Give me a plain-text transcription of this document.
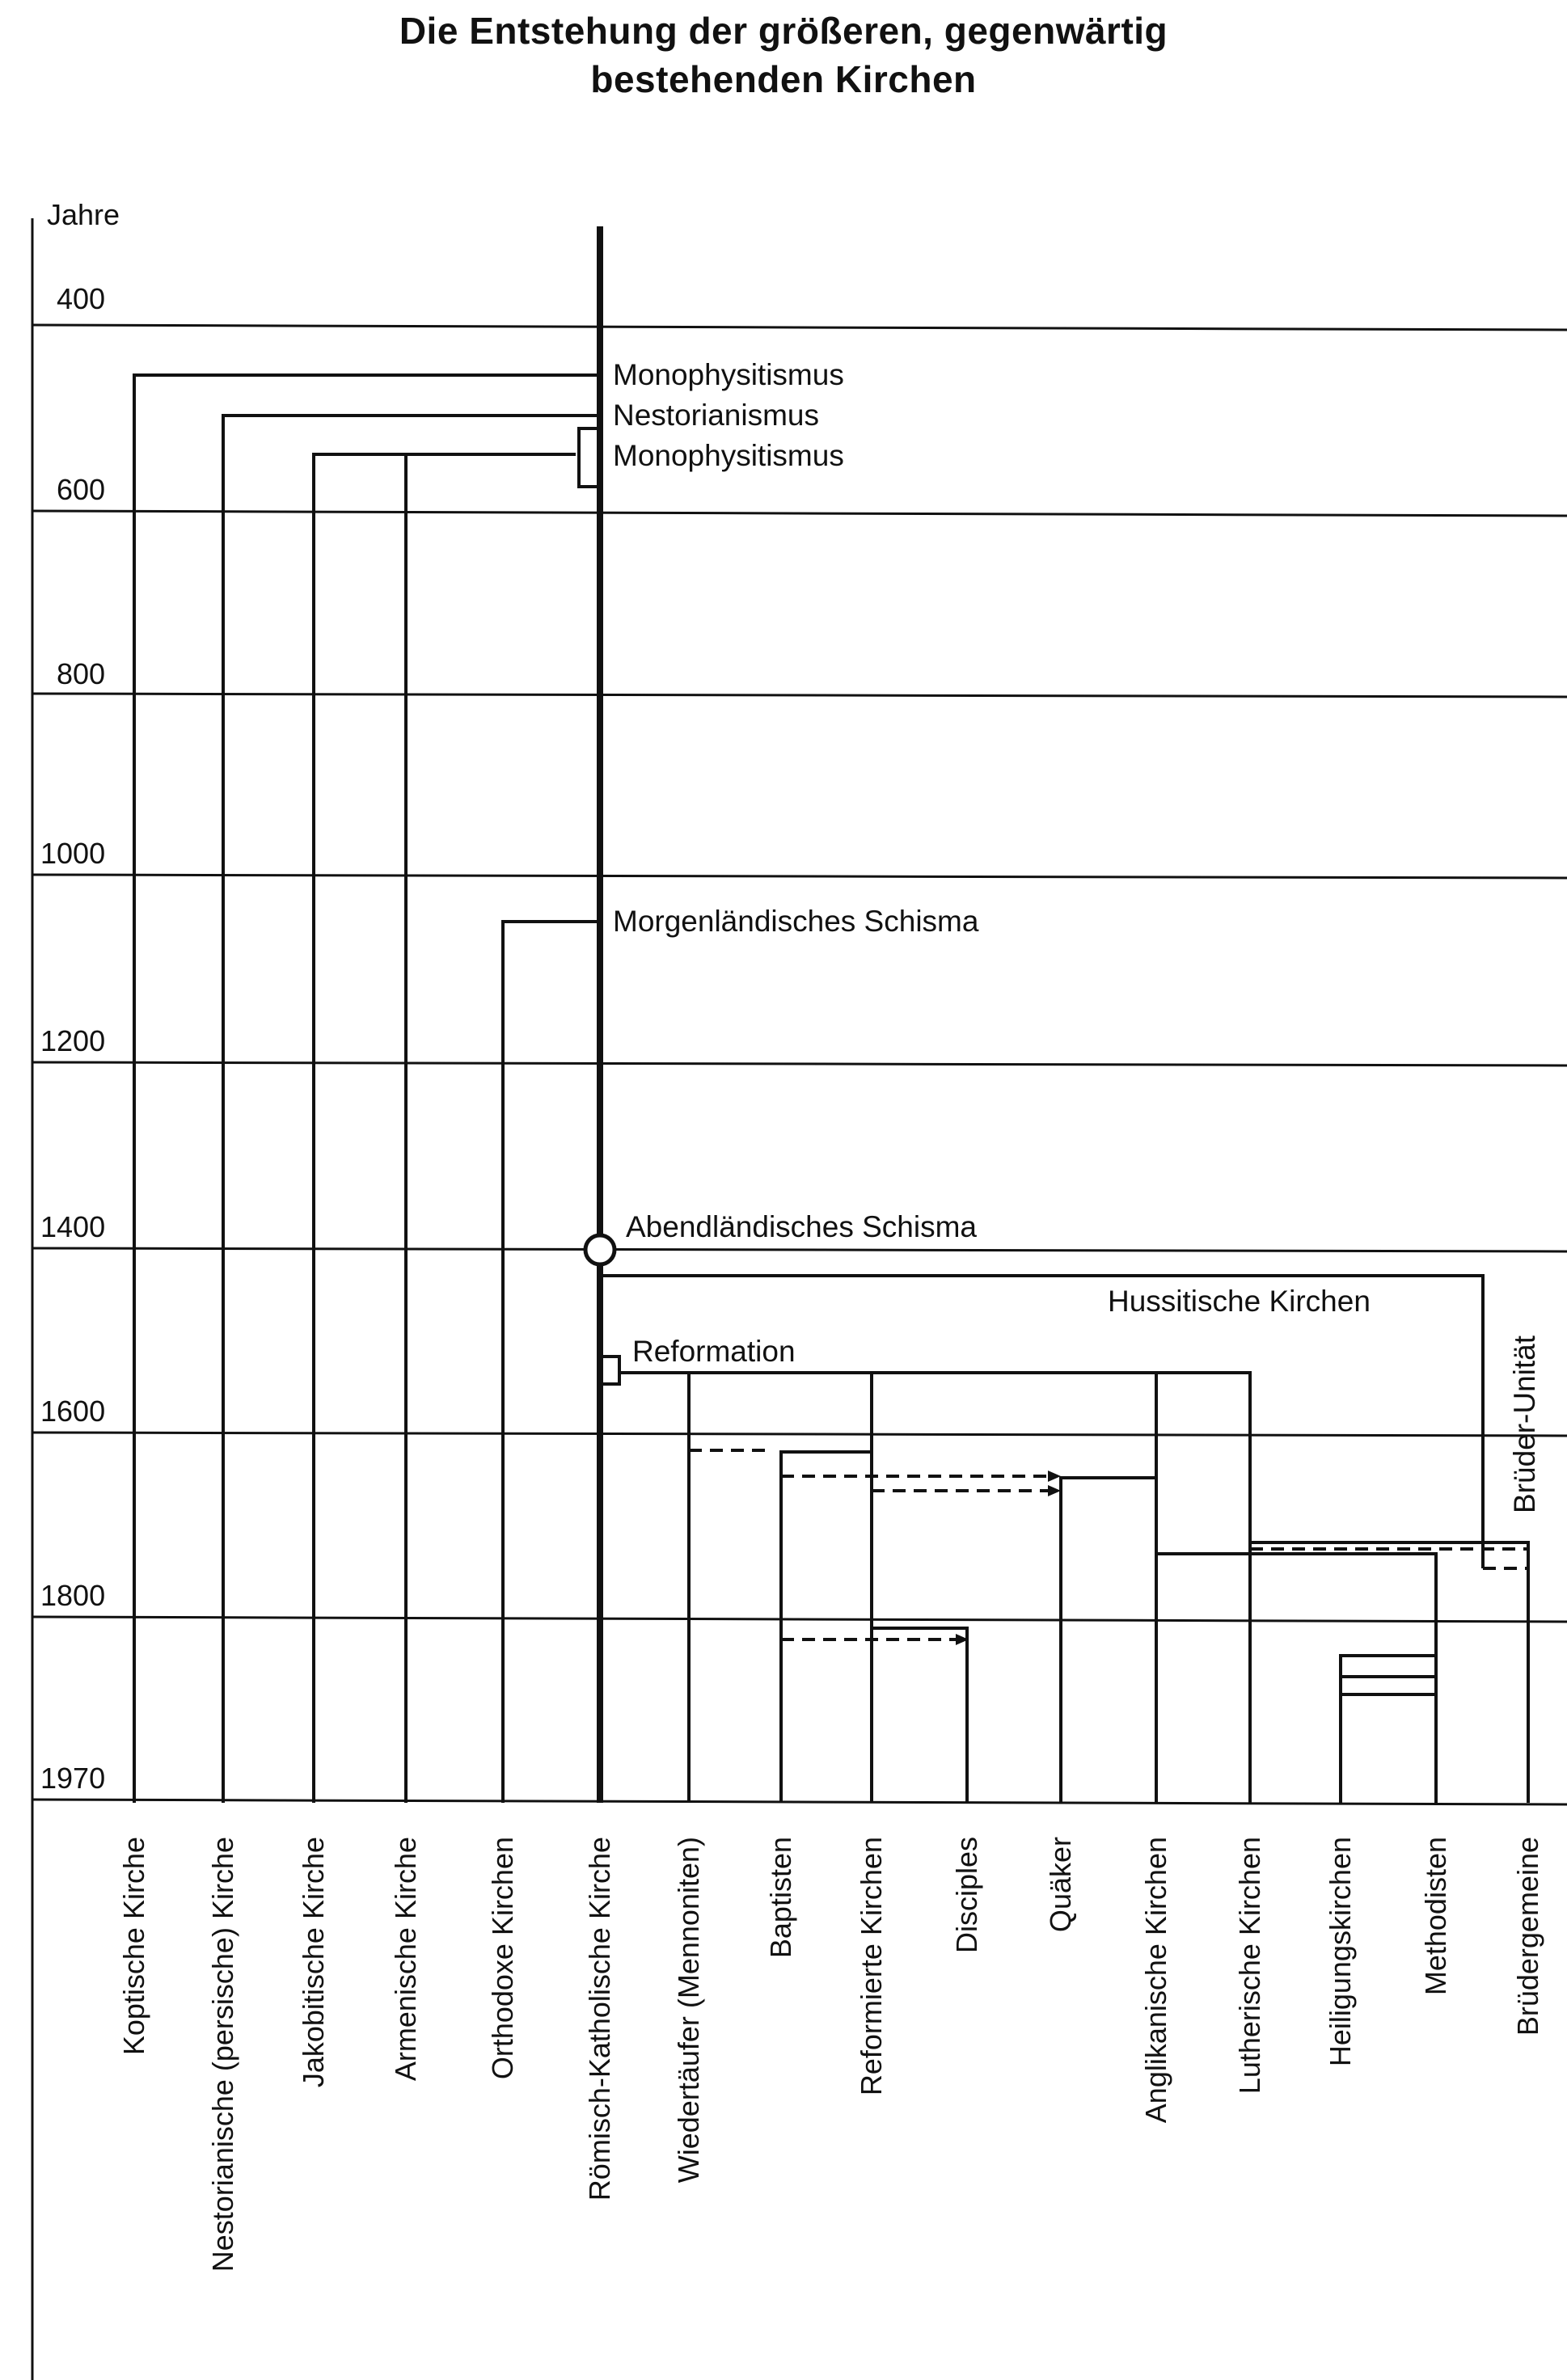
Die Entstehung der größeren, gegenwärtig
bestehenden Kirchen
Jahre
400
600
800
1000
1200
1400
1600
1800
1970
Monophysitismus
Nestorianismus
Monophysitismus
Morgenländisches Schisma
Abendländisches Schisma
Hussitische Kirchen
Reformation	Brüder-Unität
Koptische Kirche Nestorianische (persische) Kirche Jakobitische Kirche Armenische Kirche Orthodoxe Kirchen Römisch-Katholische Kirche Wiedertäufer (Mennoniten) Baptisten Reformierte Kirchen Disciples Quäker Anglikanische Kirchen Lutherische Kirchen Heiligungskirchen Methodisten Brüdergemeine
